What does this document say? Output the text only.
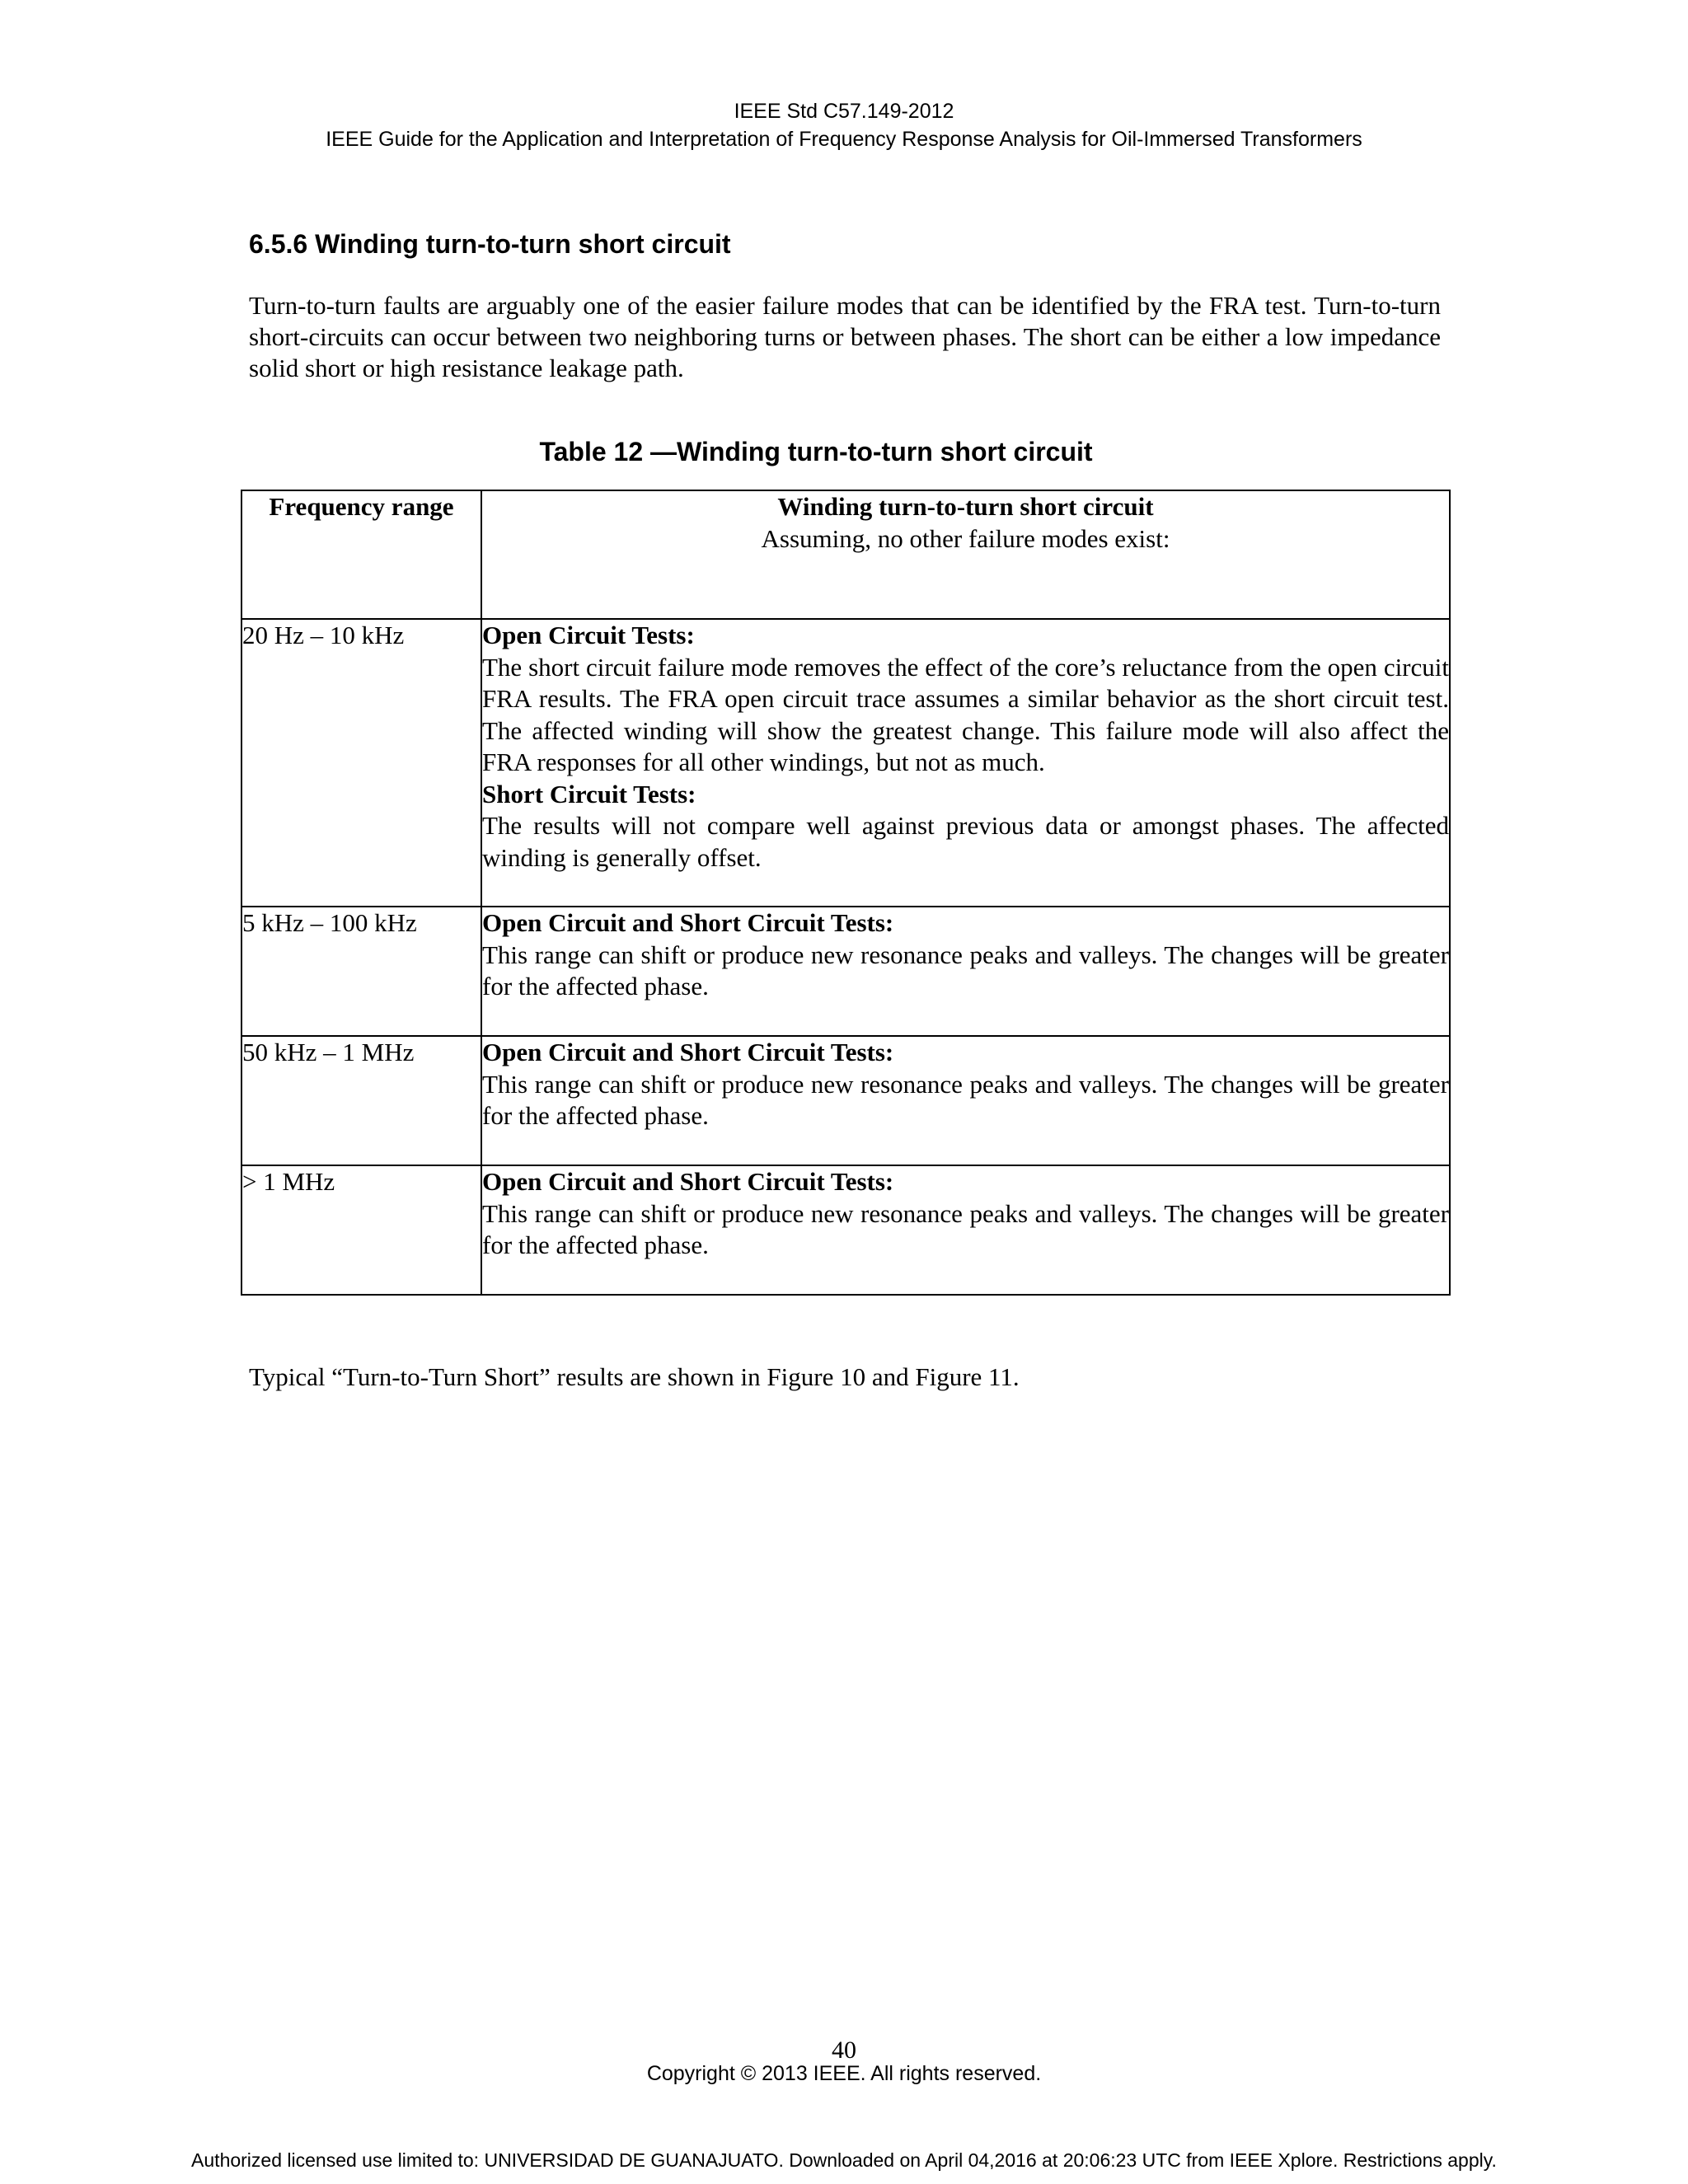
IEEE Std C57.149-2012
IEEE Guide for the Application and Interpretation of Frequency Response Analysis for Oil-Immersed Transformers
6.5.6 Winding turn-to-turn short circuit
Turn-to-turn faults are arguably one of the easier failure modes that can be identified by the FRA test. Turn-to-turn short-circuits can occur between two neighboring turns or between phases. The short can be either a low impedance solid short or high resistance leakage path.
Table 12 —Winding turn-to-turn short circuit
Frequency range	Winding turn-to-turn short circuit
Assuming, no other failure modes exist:

20 Hz – 10 kHz	Open Circuit Tests:
The short circuit failure mode removes the effect of the core’s reluctance from the open circuit FRA results. The FRA open circuit trace assumes a similar behavior as the short circuit test. The affected winding will show the greatest change. This failure mode will also affect the FRA responses for all other windings, but not as much.
Short Circuit Tests:
The results will not compare well against previous data or amongst phases. The affected winding is generally offset.
5 kHz – 100 kHz	Open Circuit and Short Circuit Tests:
This range can shift or produce new resonance peaks and valleys. The changes will be greater for the affected phase.
50 kHz – 1 MHz	Open Circuit and Short Circuit Tests:
This range can shift or produce new resonance peaks and valleys. The changes will be greater for the affected phase.
> 1 MHz	Open Circuit and Short Circuit Tests:
This range can shift or produce new resonance peaks and valleys. The changes will be greater for the affected phase.
Typical “Turn-to-Turn Short” results are shown in Figure 10 and Figure 11.
40
Copyright © 2013 IEEE. All rights reserved.
Authorized licensed use limited to: UNIVERSIDAD DE GUANAJUATO. Downloaded on April 04,2016 at 20:06:23 UTC from IEEE Xplore. Restrictions apply.
